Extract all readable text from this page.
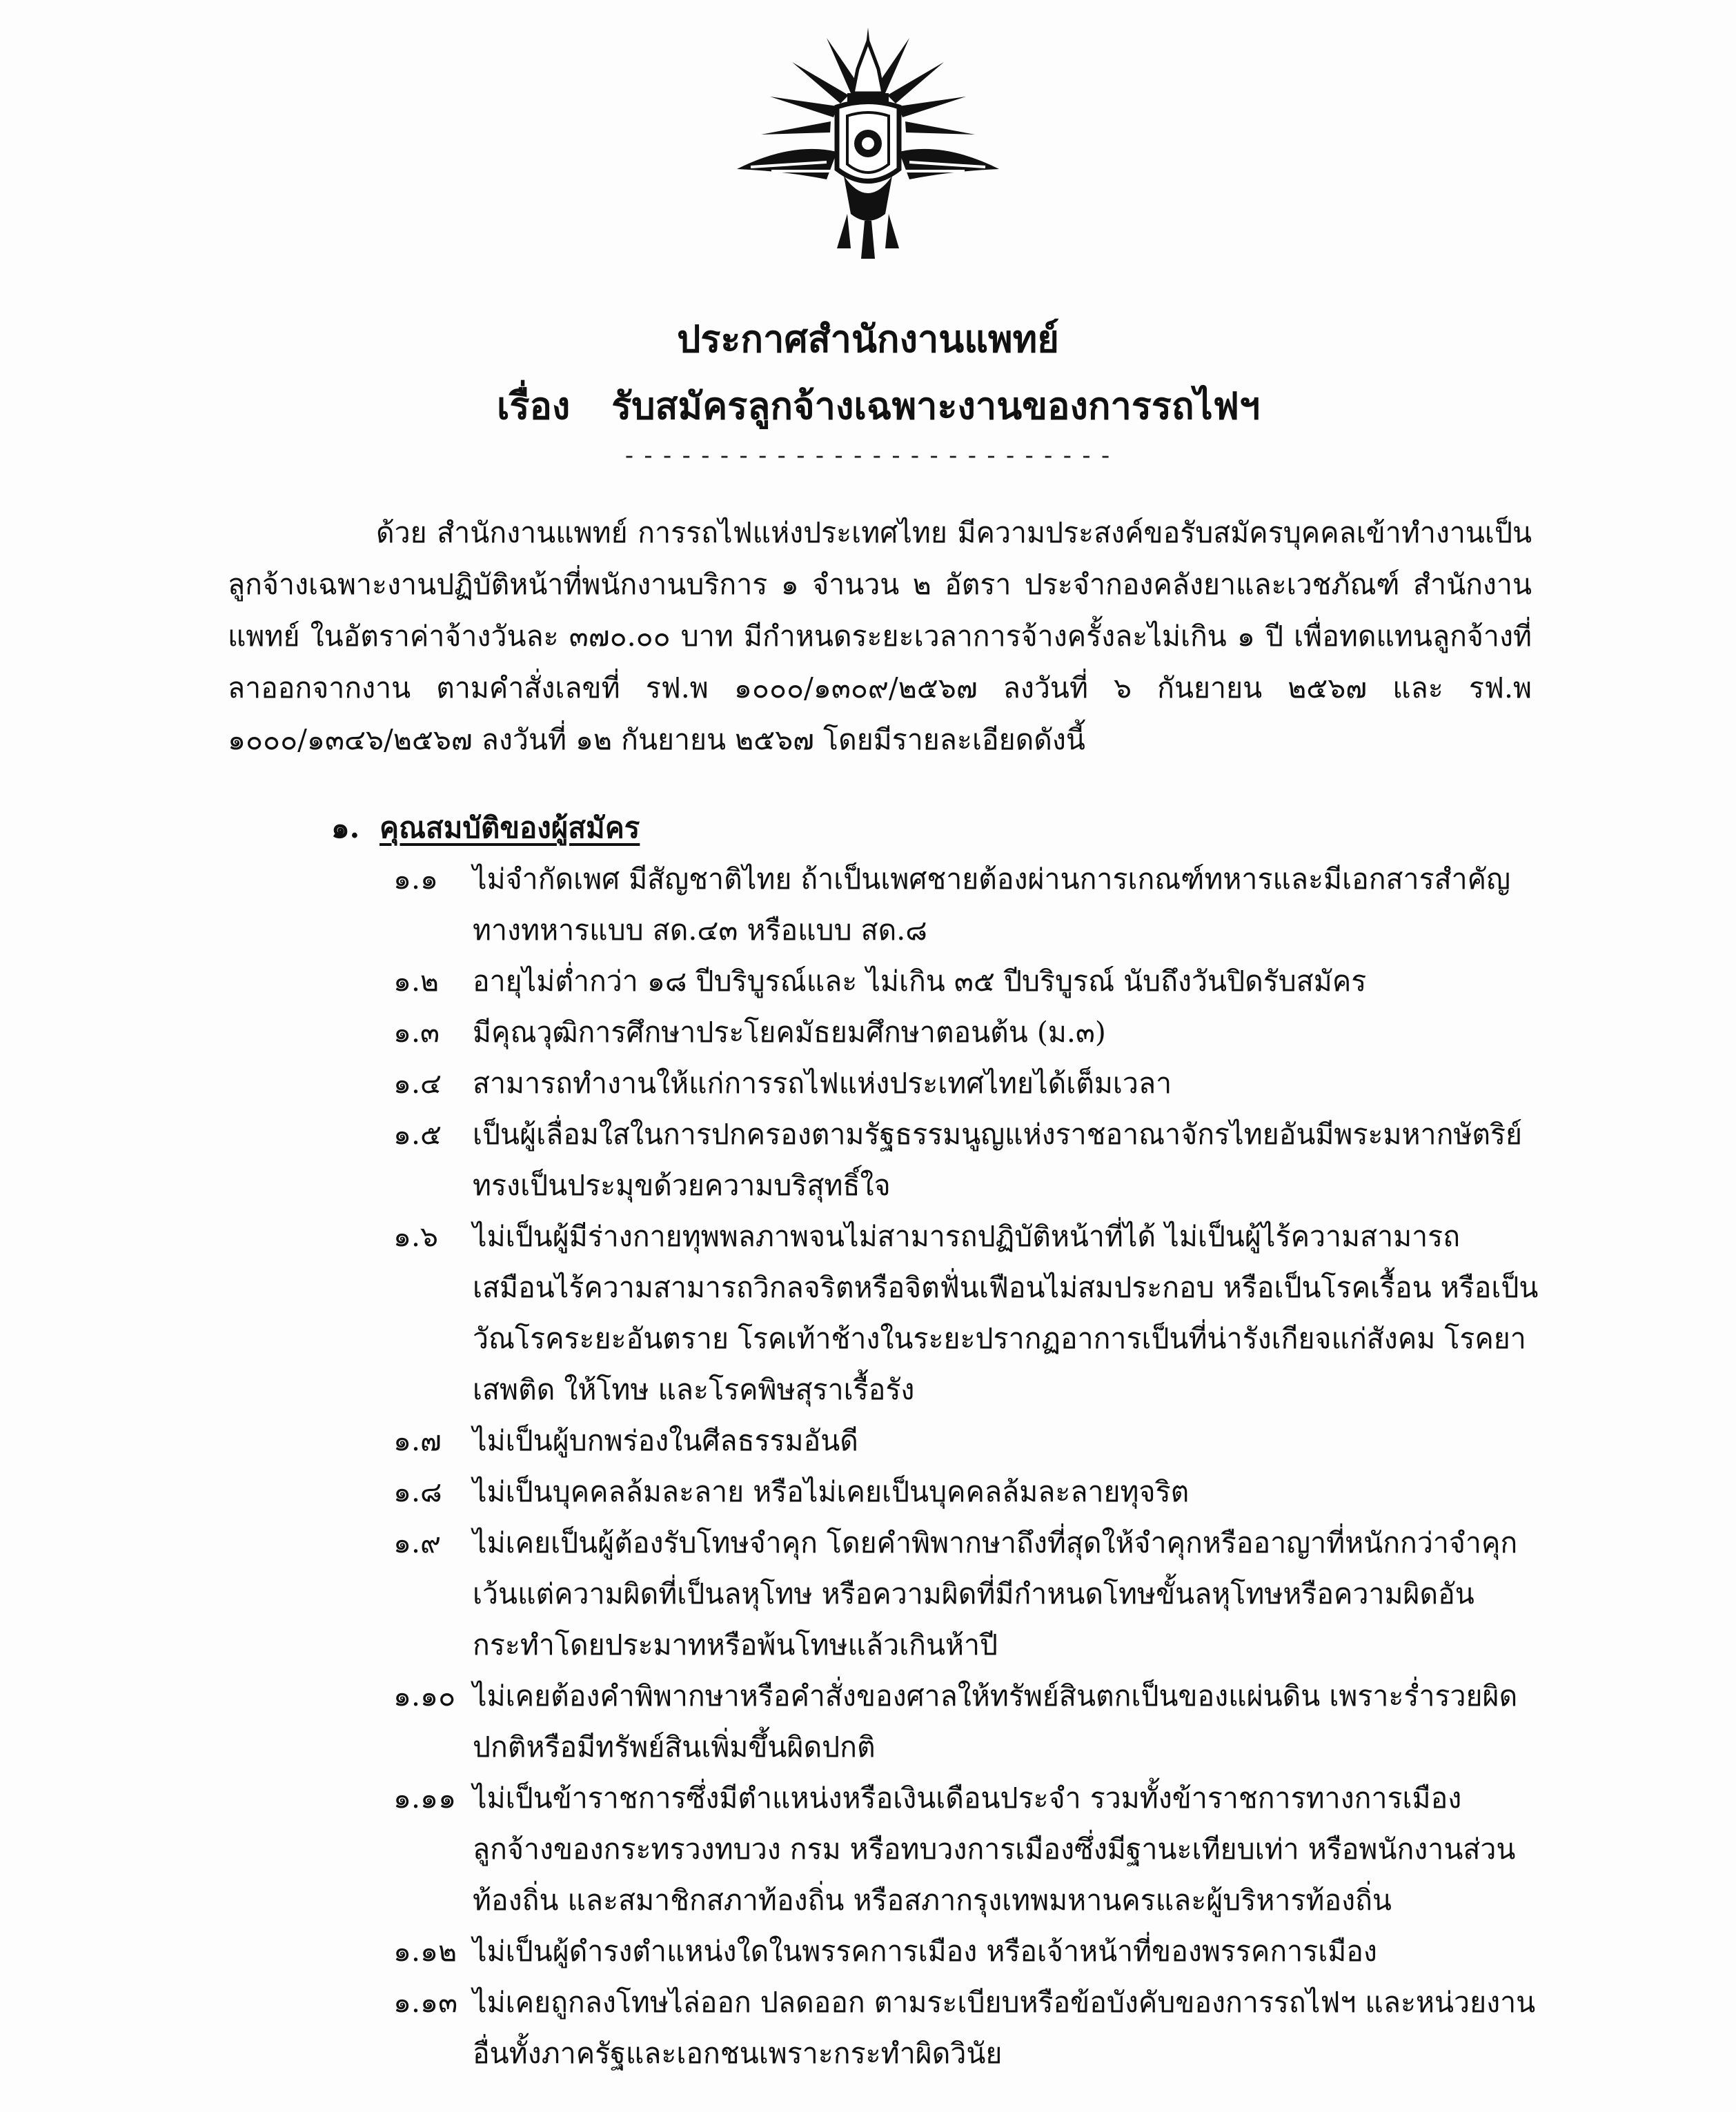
ประกาศสำนักงานแพทย์
เรื่อง รับสมัครลูกจ้างเฉพาะงานของการรถไฟฯ
- - - - - - - - - - - - - - - - - - - - - - - - - -
ด้วย สำนักงานแพทย์ การรถไฟแห่งประเทศไทย มีความประสงค์ขอรับสมัครบุคคลเข้าทำงานเป็นลูกจ้างเฉพาะงานปฏิบัติหน้าที่พนักงานบริการ ๑ จำนวน ๒ อัตรา ประจำกองคลังยาและเวชภัณฑ์ สำนักงานแพทย์ ในอัตราค่าจ้างวันละ ๓๗๐.๐๐ บาท มีกำหนดระยะเวลาการจ้างครั้งละไม่เกิน ๑ ปี เพื่อทดแทนลูกจ้างที่ลาออกจากงาน ตามคำสั่งเลขที่ รฟ.พ ๑๐๐๐/๑๓๐๙/๒๕๖๗ ลงวันที่ ๖ กันยายน ๒๕๖๗ และ รฟ.พ ๑๐๐๐/๑๓๔๖/๒๕๖๗ ลงวันที่ ๑๒ กันยายน ๒๕๖๗ โดยมีรายละเอียดดังนี้
๑. คุณสมบัติของผู้สมัคร
๑.๑	ไม่จำกัดเพศ มีสัญชาติไทย ถ้าเป็นเพศชายต้องผ่านการเกณฑ์ทหารและมีเอกสารสำคัญทางทหารแบบ สด.๔๓ หรือแบบ สด.๘
๑.๒	อายุไม่ต่ำกว่า ๑๘ ปีบริบูรณ์และ ไม่เกิน ๓๕ ปีบริบูรณ์ นับถึงวันปิดรับสมัคร
๑.๓	มีคุณวุฒิการศึกษาประโยคมัธยมศึกษาตอนต้น (ม.๓)
๑.๔	สามารถทำงานให้แก่การรถไฟแห่งประเทศไทยได้เต็มเวลา
๑.๕	เป็นผู้เลื่อมใสในการปกครองตามรัฐธรรมนูญแห่งราชอาณาจักรไทยอันมีพระมหากษัตริย์ทรงเป็นประมุขด้วยความบริสุทธิ์ใจ
๑.๖	ไม่เป็นผู้มีร่างกายทุพพลภาพจนไม่สามารถปฏิบัติหน้าที่ได้ ไม่เป็นผู้ไร้ความสามารถเสมือนไร้ความสามารถวิกลจริตหรือจิตฟั่นเฟือนไม่สมประกอบ หรือเป็นโรคเรื้อน หรือเป็นวัณโรคระยะอันตราย โรคเท้าช้างในระยะปรากฏอาการเป็นที่น่ารังเกียจแก่สังคม โรคยาเสพติด ให้โทษ และโรคพิษสุราเรื้อรัง
๑.๗	ไม่เป็นผู้บกพร่องในศีลธรรมอันดี
๑.๘	ไม่เป็นบุคคลล้มละลาย หรือไม่เคยเป็นบุคคลล้มละลายทุจริต
๑.๙	ไม่เคยเป็นผู้ต้องรับโทษจำคุก โดยคำพิพากษาถึงที่สุดให้จำคุกหรืออาญาที่หนักกว่าจำคุกเว้นแต่ความผิดที่เป็นลหุโทษ หรือความผิดที่มีกำหนดโทษขั้นลหุโทษหรือความผิดอันกระทำโดยประมาทหรือพ้นโทษแล้วเกินห้าปี
๑.๑๐ ไม่เคยต้องคำพิพากษาหรือคำสั่งของศาลให้ทรัพย์สินตกเป็นของแผ่นดิน เพราะร่ำรวยผิดปกติหรือมีทรัพย์สินเพิ่มขึ้นผิดปกติ
๑.๑๑ ไม่เป็นข้าราชการซึ่งมีตำแหน่งหรือเงินเดือนประจำ รวมทั้งข้าราชการทางการเมืองลูกจ้างของกระทรวงทบวง กรม หรือทบวงการเมืองซึ่งมีฐานะเทียบเท่า หรือพนักงานส่วนท้องถิ่น และสมาชิกสภาท้องถิ่น หรือสภากรุงเทพมหานครและผู้บริหารท้องถิ่น
๑.๑๒ ไม่เป็นผู้ดำรงตำแหน่งใดในพรรคการเมือง หรือเจ้าหน้าที่ของพรรคการเมือง
๑.๑๓ ไม่เคยถูกลงโทษไล่ออก ปลดออก ตามระเบียบหรือข้อบังคับของการรถไฟฯ และหน่วยงานอื่นทั้งภาครัฐและเอกชนเพราะกระทำผิดวินัย
